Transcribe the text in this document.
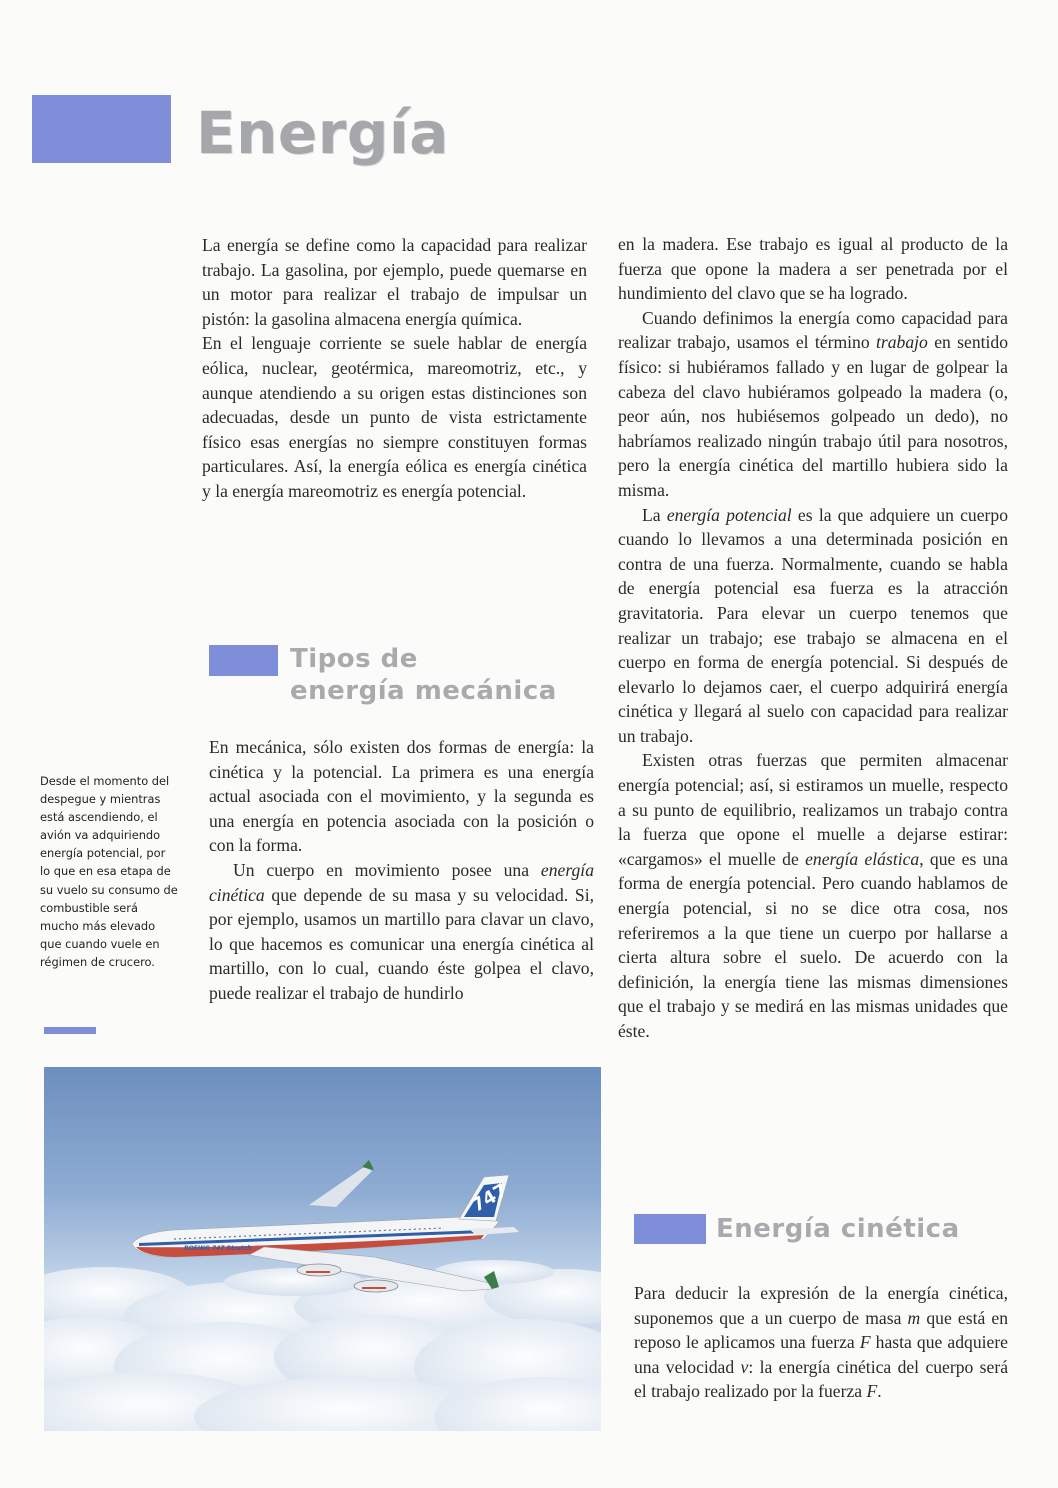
Energía

La energía se define como la capacidad para realizar trabajo. La gasolina, por ejemplo, puede quemarse en un motor para realizar el trabajo de impulsar un pistón: la gasolina almacena energía química.

En el lenguaje corriente se suele hablar de energía eólica, nuclear, geotérmica, mareomotriz, etc., y aunque atendiendo a su origen estas distinciones son adecuadas, desde un punto de vista estrictamente físico esas energías no siempre constituyen formas particulares. Así, la energía eólica es energía cinética y la energía mareomotriz es energía potencial.

Tipos de
energía mecánica

En mecánica, sólo existen dos formas de energía: la cinética y la potencial. La primera es una energía actual asociada con el movimiento, y la segunda es una energía en potencia asociada con la posición o con la forma.

Un cuerpo en movimiento posee una energía cinética que depende de su masa y su velocidad. Si, por ejemplo, usamos un martillo para clavar un clavo, lo que hacemos es comunicar una energía cinética al martillo, con lo cual, cuando éste golpea el clavo, puede realizar el trabajo de hundirlo

Desde el momento del despegue y mientras está ascendiendo, el avión va adquiriendo energía potencial, por lo que en esa etapa de su vuelo su consumo de combustible será mucho más elevado que cuando vuele en régimen de crucero.
747
BOEING 747 Stretch

en la madera. Ese trabajo es igual al producto de la fuerza que opone la madera a ser penetrada por el hundimiento del clavo que se ha logrado.

Cuando definimos la energía como capacidad para realizar trabajo, usamos el término trabajo en sentido físico: si hubiéramos fallado y en lugar de golpear la cabeza del clavo hubiéramos golpeado la madera (o, peor aún, nos hubiésemos golpeado un dedo), no habríamos realizado ningún trabajo útil para nosotros, pero la energía cinética del martillo hubiera sido la misma.

La energía potencial es la que adquiere un cuerpo cuando lo llevamos a una determinada posición en contra de una fuerza. Normalmente, cuando se habla de energía potencial esa fuerza es la atracción gravitatoria. Para elevar un cuerpo tenemos que realizar un trabajo; ese trabajo se almacena en el cuerpo en forma de energía potencial. Si después de elevarlo lo dejamos caer, el cuerpo adquirirá energía cinética y llegará al suelo con capacidad para realizar un trabajo.

Existen otras fuerzas que permiten almacenar energía potencial; así, si estiramos un muelle, respecto a su punto de equilibrio, realizamos un trabajo contra la fuerza que opone el muelle a dejarse estirar: «cargamos» el muelle de energía elástica, que es una forma de energía potencial. Pero cuando hablamos de energía potencial, si no se dice otra cosa, nos referiremos a la que tiene un cuerpo por hallarse a cierta altura sobre el suelo. De acuerdo con la definición, la energía tiene las mismas dimensiones que el trabajo y se medirá en las mismas unidades que éste.

Energía cinética

Para deducir la expresión de la energía cinética, suponemos que a un cuerpo de masa m que está en reposo le aplicamos una fuerza F hasta que adquiere una velocidad v: la energía cinética del cuerpo será el trabajo realizado por la fuerza F.
